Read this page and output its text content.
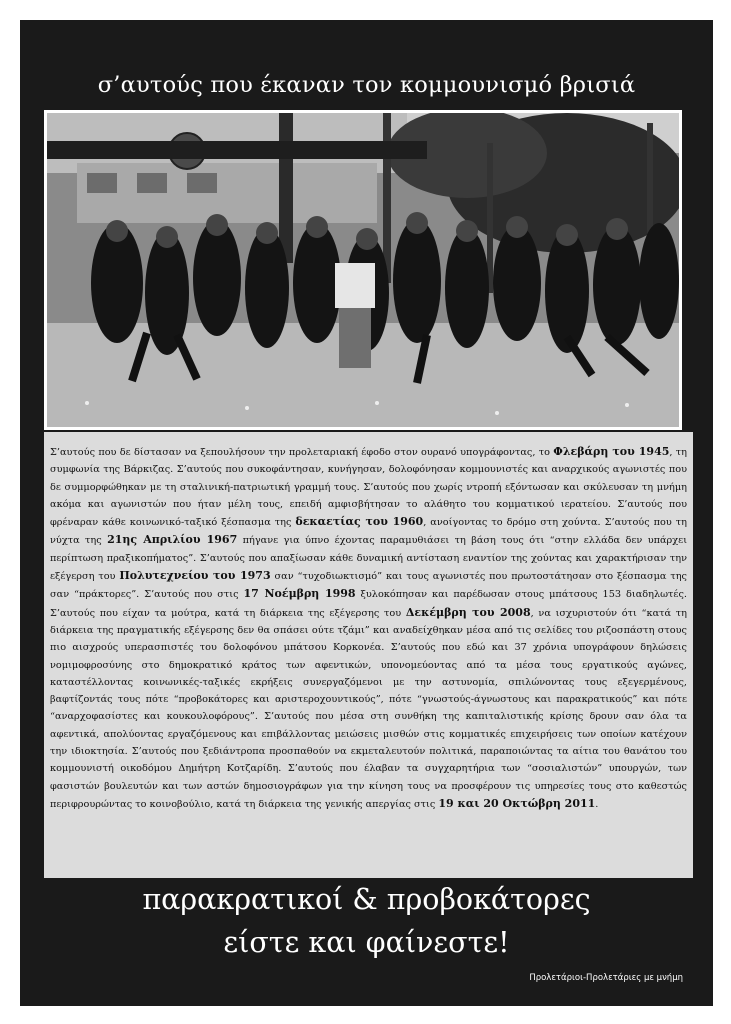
σ’αυτούς που έκαναν τον κομμουνισμό βρισιά

Σ’αυτούς που δε δίστασαν να ξεπουλήσουν την προλεταριακή έφοδο στον ουρανό υπογράφοντας, το Φλεβάρη του 1945, τη συμφωνία της Βάρκιζας. Σ’αυτούς που συκοφάντησαν, κυνήγησαν, δολοφόνησαν κομμουνιστές και αναρχικούς αγωνιστές που δε συμμορφώθηκαν με τη σταλινική-πατριωτική γραμμή τους. Σ’αυτούς που χωρίς ντροπή εξόντωσαν και σκύλευσαν τη μνήμη ακόμα και αγωνιστών που ήταν μέλη τους, επειδή αμφισβήτησαν το αλάθητο του κομματικού ιερατείου. Σ’αυτούς που φρέναραν κάθε κοινωνικό-ταξικό ξέσπασμα της δεκαετίας του 1960, ανοίγοντας το δρόμο στη χούντα. Σ’αυτούς που τη νύχτα της 21ης Απριλίου 1967 πήγανε για ύπνο έχοντας παραμυθιάσει τη βάση τους ότι “στην ελλάδα δεν υπάρχει περίπτωση πραξικοπήματος”. Σ’αυτούς που απαξίωσαν κάθε δυναμική αντίσταση εναντίον της χούντας και χαρακτήρισαν την εξέγερση του Πολυτεχνείου του 1973 σαν “τυχοδιωκτισμό” και τους αγωνιστές που πρωτοστάτησαν στο ξέσπασμα της σαν “πράκτορες”. Σ’αυτούς που στις 17 Νοέμβρη 1998 ξυλοκόπησαν και παρέδωσαν στους μπάτσους 153 διαδηλωτές. Σ’αυτούς που είχαν τα μούτρα, κατά τη διάρκεια της εξέγερσης του Δεκέμβρη του 2008, να ισχυριστούν ότι “κατά τη διάρκεια της πραγματικής εξέγερσης δεν θα σπάσει ούτε τζάμι” και αναδείχθηκαν μέσα από τις σελίδες του ριζοσπάστη στους πιο αισχρούς υπερασπιστές του δολοφόνου μπάτσου Κορκονέα. Σ’αυτούς που εδώ και 37 χρόνια υπογράφουν δηλώσεις νομιμοφροσύνης στο δημοκρατικό κράτος των αφεντικών, υπονομεύοντας από τα μέσα τους εργατικούς αγώνες, καταστέλλοντας κοινωνικές-ταξικές εκρήξεις συνεργαζόμενοι με την αστυνομία, σπιλώνοντας τους εξεγερμένους, βαφτίζοντάς τους πότε “προβοκάτορες και αριστεροχουντικούς”, πότε “γνωστούς-άγνωστους και παρακρατικούς” και πότε “αναρχοφασίστες και κουκουλοφόρους”. Σ’αυτούς που μέσα στη συνθήκη της καπιταλιστικής κρίσης δρουν σαν όλα τα αφεντικά, απολύοντας εργαζόμενους και επιβάλλοντας μειώσεις μισθών στις κομματικές επιχειρήσεις των οποίων κατέχουν την ιδιοκτησία. Σ’αυτούς που ξεδιάντροπα προσπαθούν να εκμεταλευτούν πολιτικά, παραποιώντας τα αίτια του θανάτου του κομμουνιστή οικοδόμου Δημήτρη Κοτζαρίδη. Σ’αυτούς που έλαβαν τα συγχαρητήρια των “σοσιαλιστών” υπουργών, των φασιστών βουλευτών και των αστών δημοσιογράφων για την κίνηση τους να προσφέρουν τις υπηρεσίες τους στο καθεστώς περιφρουρώντας το κοινοβούλιο, κατά τη διάρκεια της γενικής απεργίας στις 19 και 20 Οκτώβρη 2011.

παρακρατικοί & προβοκάτορες
είστε και φαίνεστε!
Προλετάριοι-Προλετάριες με μνήμη
